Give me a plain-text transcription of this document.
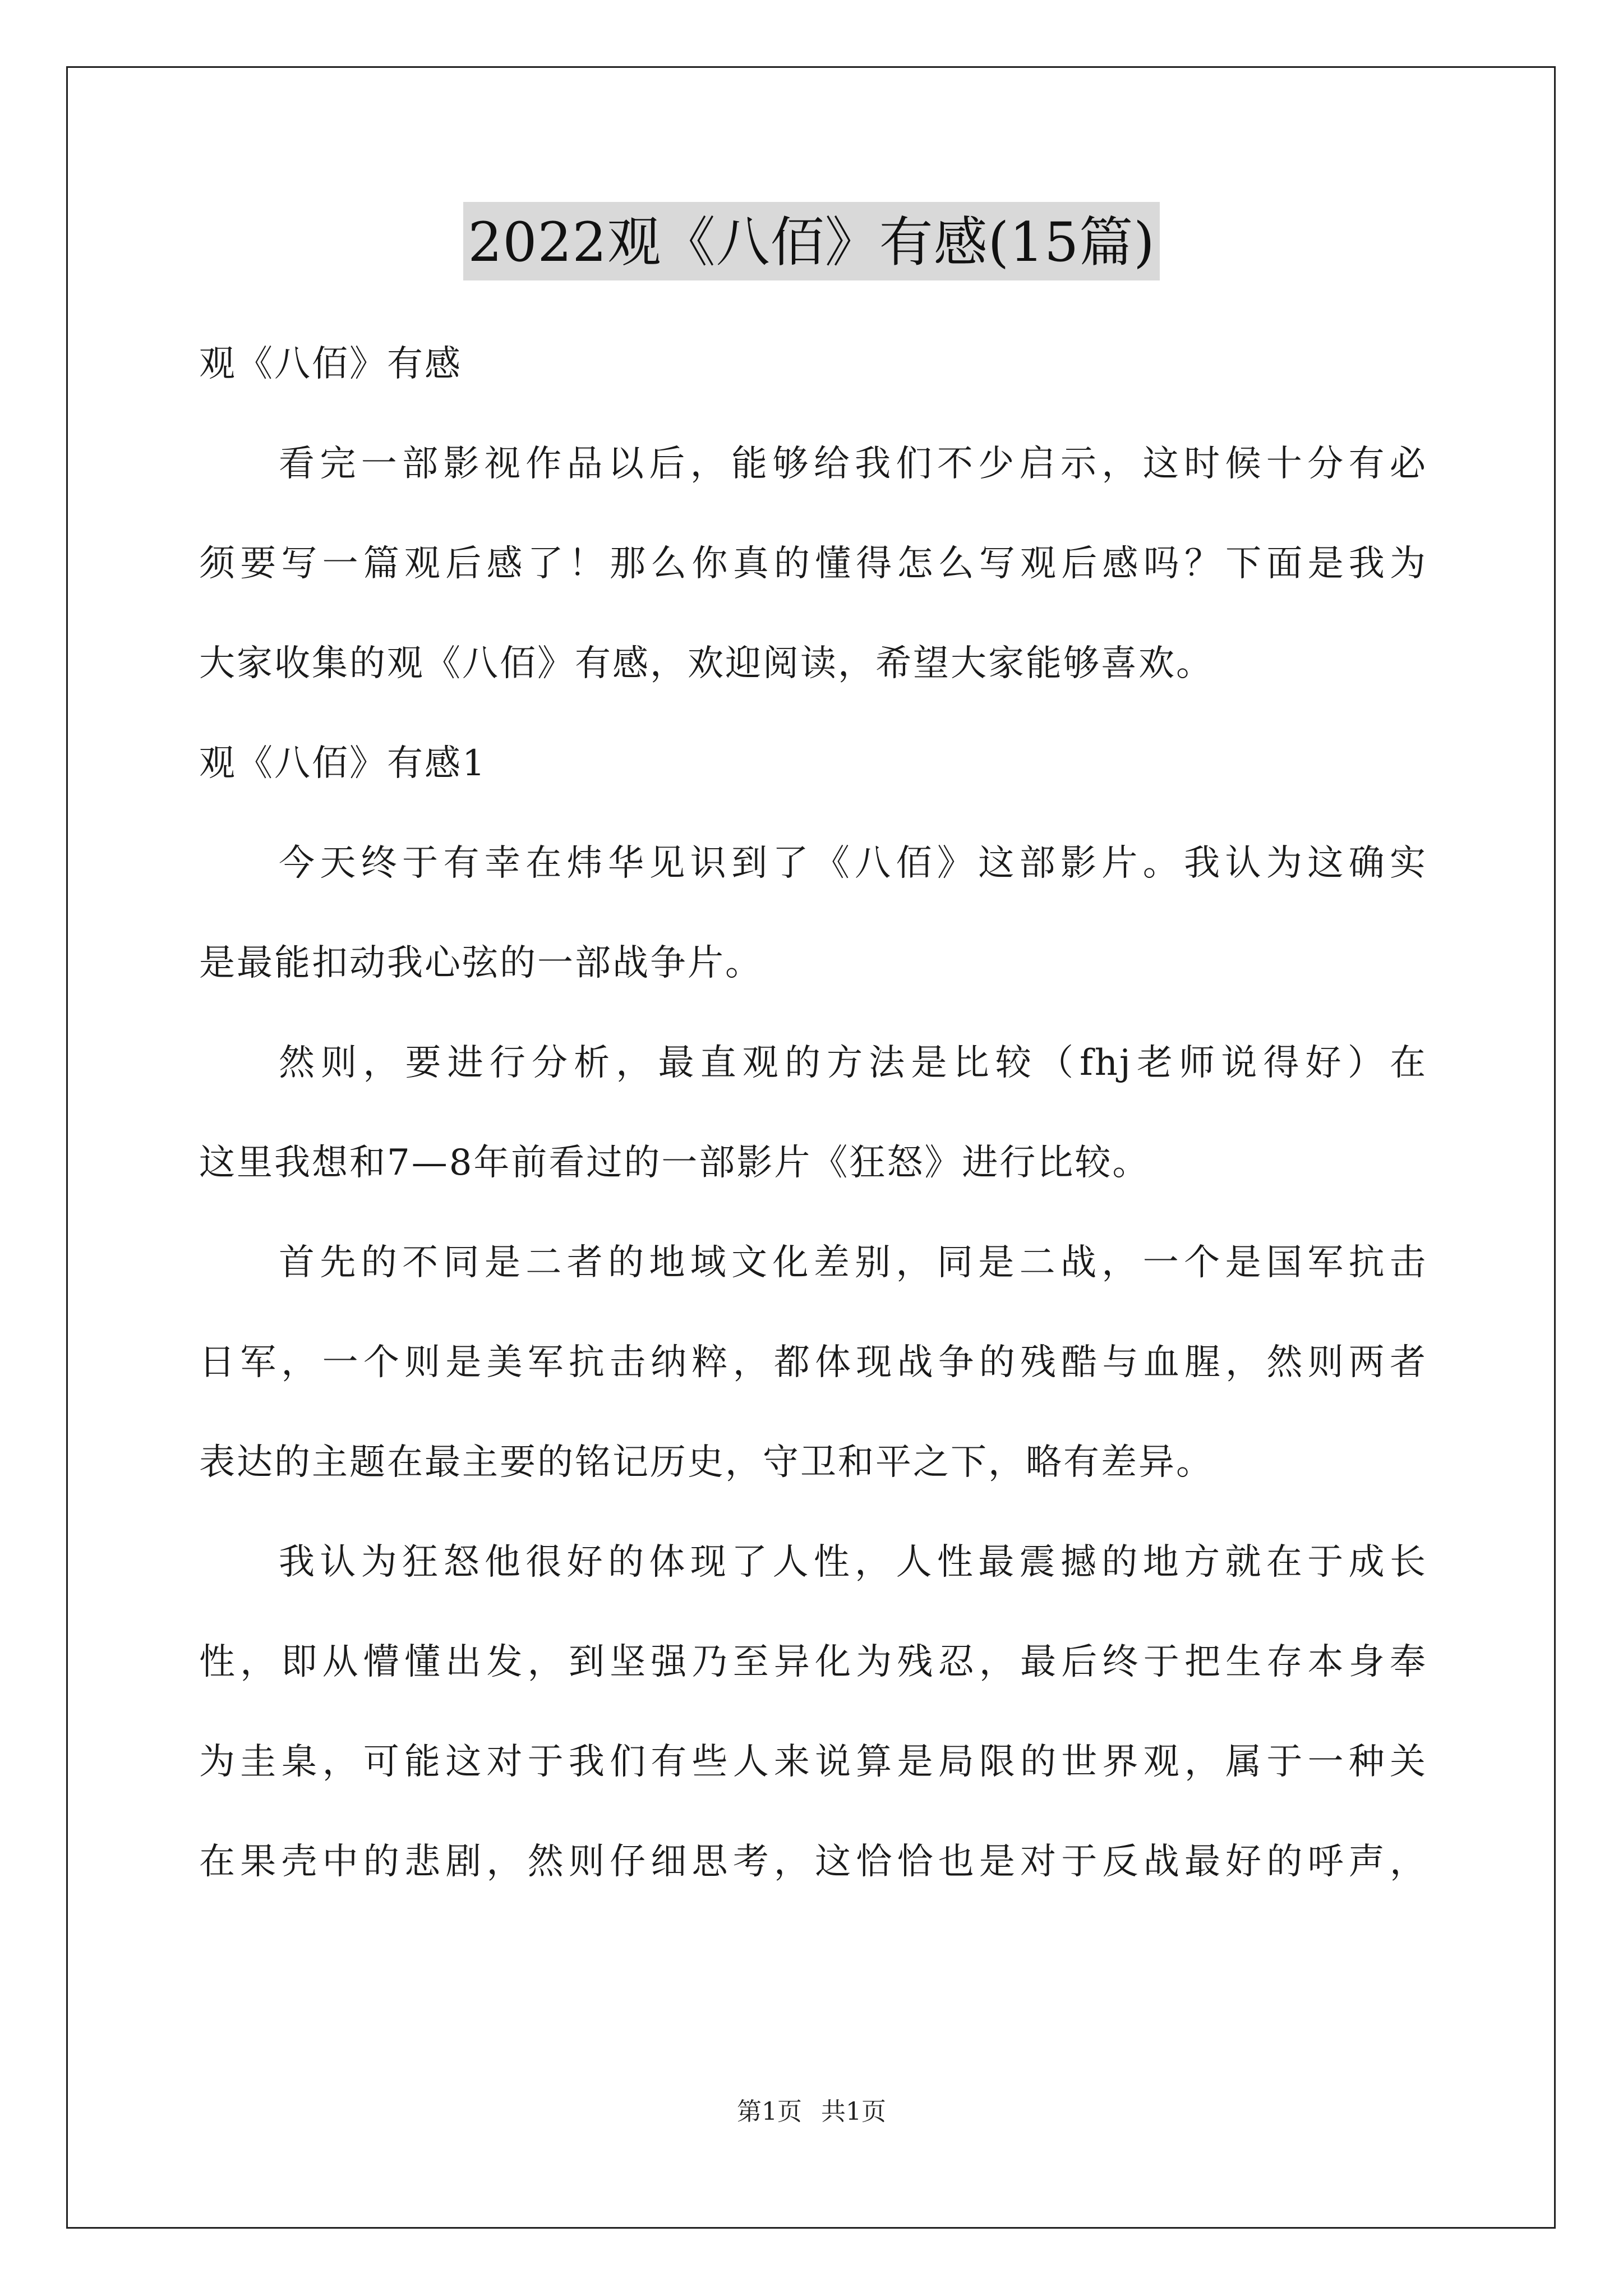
2022观《八佰》有感(15篇)
观《八佰》有感
看完一部影视作品以后，能够给我们不少启示，这时候十分有必
须要写一篇观后感了！那么你真的懂得怎么写观后感吗？下面是我为
大家收集的观《八佰》有感，欢迎阅读，希望大家能够喜欢。
观《八佰》有感1
今天终于有幸在炜华见识到了《八佰》这部影片。我认为这确实
是最能扣动我心弦的一部战争片。
然则，要进行分析，最直观的方法是比较（fhj老师说得好）在
这里我想和7—8年前看过的一部影片《狂怒》进行比较。
首先的不同是二者的地域文化差别，同是二战，一个是国军抗击
日军，一个则是美军抗击纳粹，都体现战争的残酷与血腥，然则两者
表达的主题在最主要的铭记历史，守卫和平之下，略有差异。
我认为狂怒他很好的体现了人性，人性最震撼的地方就在于成长
性，即从懵懂出发，到坚强乃至异化为残忍，最后终于把生存本身奉
为圭臬，可能这对于我们有些人来说算是局限的世界观，属于一种关
在果壳中的悲剧，然则仔细思考，这恰恰也是对于反战最好的呼声，
第1页 共1页
